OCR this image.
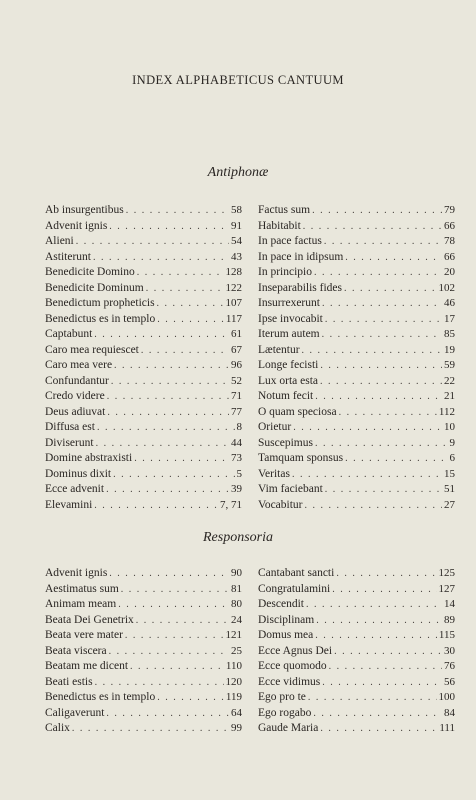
INDEX ALPHABETICUS CANTUUM
Antiphonæ
Ab insurgentibus . . .	58
Advenit ignis . . .	91
Alieni . . .	54
Astiterunt . . .	43
Benedicite Domino . . .	128
Benedicite Dominum . . .	122
Benedictum propheticis . . .	107
Benedictus es in templo . . .	117
Captabunt . . .	61
Caro mea requiescet . . .	67
Caro mea vere . . .	96
Confundantur . . .	52
Credo videre . . .	71
Deus adiuvat . . .	77
Diffusa est . . .	8
Diviserunt . . .	44
Domine abstraxisti . . .	73
Dominus dixit . . .	5
Ecce advenit . . .	39
Elevamini . . .	7, 71
Factus sum . . .	79
Habitabit . . .	66
In pace factus . . .	78
In pace in idipsum . . .	66
In principio . . .	20
Inseparabilis fides . . .	102
Insurrexerunt . . .	46
Ipse invocabit . . .	17
Iterum autem . . .	85
Lætentur . . .	19
Longe fecisti . . .	59
Lux orta esta . . .	22
Notum fecit . . .	21
O quam speciosa . . .	112
Orietur . . .	10
Suscepimus . . .	9
Tamquam sponsus . . .	6
Veritas . . .	15
Vim faciebant . . .	51
Vocabitur . . .	27
Responsoria
Advenit ignis . . .	90
Aestimatus sum . . .	81
Animam meam . . .	80
Beata Dei Genetrix . . .	24
Beata vere mater . . .	121
Beata viscera . . .	25
Beatam me dicent . . .	110
Beati estis . . .	120
Benedictus es in templo . . .	119
Caligaverunt . . .	64
Calix . . .	99
Cantabant sancti . . .	125
Congratulamini . . .	127
Descendit . . .	14
Disciplinam . . .	89
Domus mea . . .	115
Ecce Agnus Dei . . .	30
Ecce quomodo . . .	76
Ecce vidimus . . .	56
Ego pro te . . .	100
Ego rogabo . . .	84
Gaude Maria . . .	111
